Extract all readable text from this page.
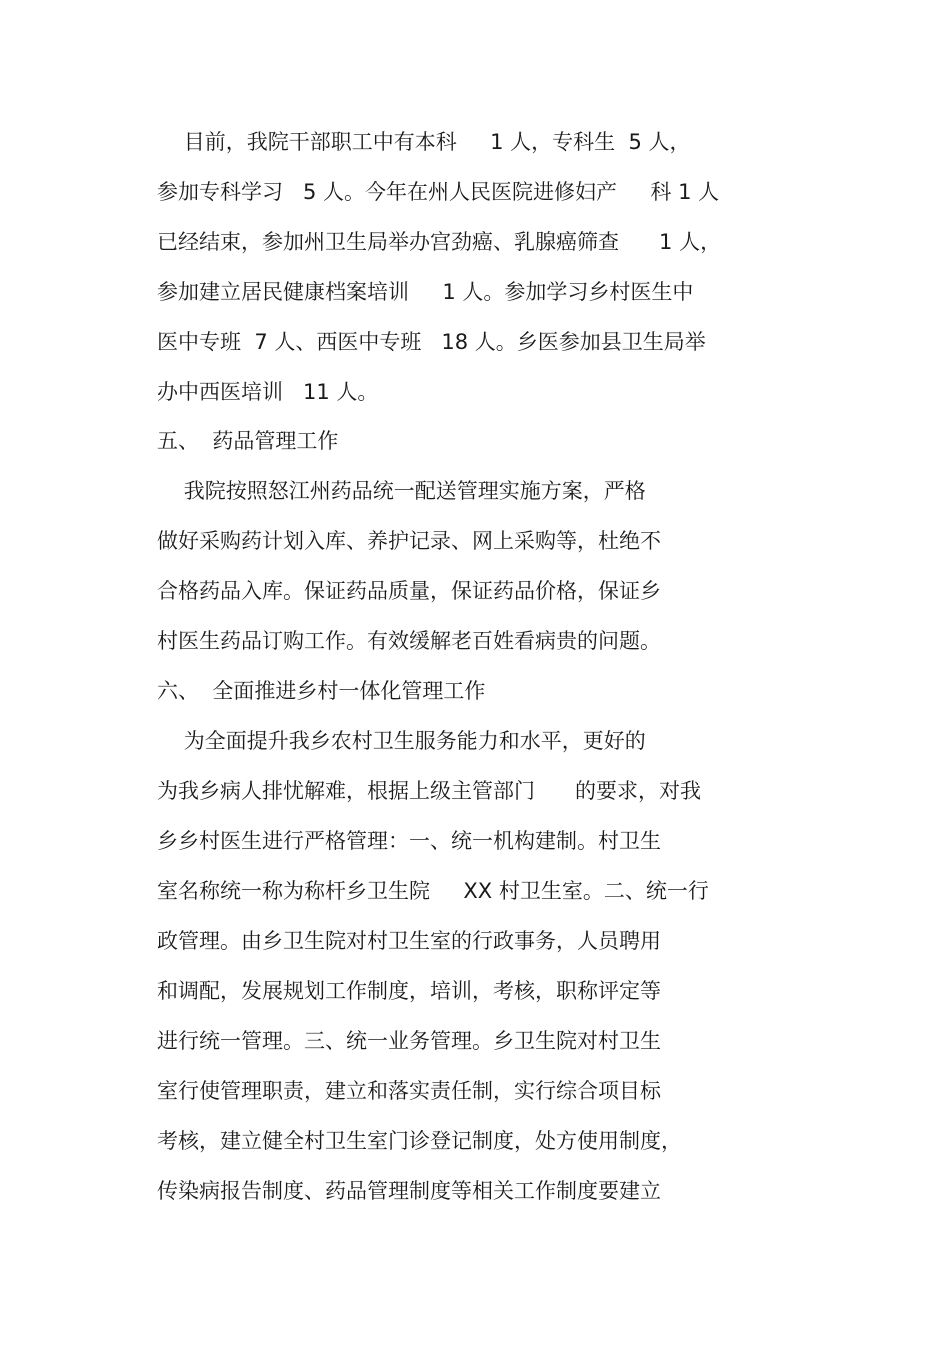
目前，我院干部职工中有本科     1 人，专科生  5 人，
参加专科学习   5 人。今年在州人民医院进修妇产     科 1 人
已经结束，参加州卫生局举办宫劲癌、乳腺癌筛查      1 人，
参加建立居民健康档案培训     1 人。参加学习乡村医生中
医中专班  7 人、西医中专班   18 人。乡医参加县卫生局举
办中西医培训   11 人。
五、  药品管理工作
我院按照怒江州药品统一配送管理实施方案，严格
做好采购药计划入库、养护记录、网上采购等，杜绝不
合格药品入库。保证药品质量，保证药品价格，保证乡
村医生药品订购工作。有效缓解老百姓看病贵的问题。
六、  全面推进乡村一体化管理工作
为全面提升我乡农村卫生服务能力和水平，更好的
为我乡病人排忧解难，根据上级主管部门      的要求，对我
乡乡村医生进行严格管理：一、统一机构建制。村卫生
室名称统一称为称杆乡卫生院     XX 村卫生室。二、统一行
政管理。由乡卫生院对村卫生室的行政事务，人员聘用
和调配，发展规划工作制度，培训，考核，职称评定等
进行统一管理。三、统一业务管理。乡卫生院对村卫生
室行使管理职责，建立和落实责任制，实行综合项目标
考核，建立健全村卫生室门诊登记制度，处方使用制度，
传染病报告制度、药品管理制度等相关工作制度要建立
